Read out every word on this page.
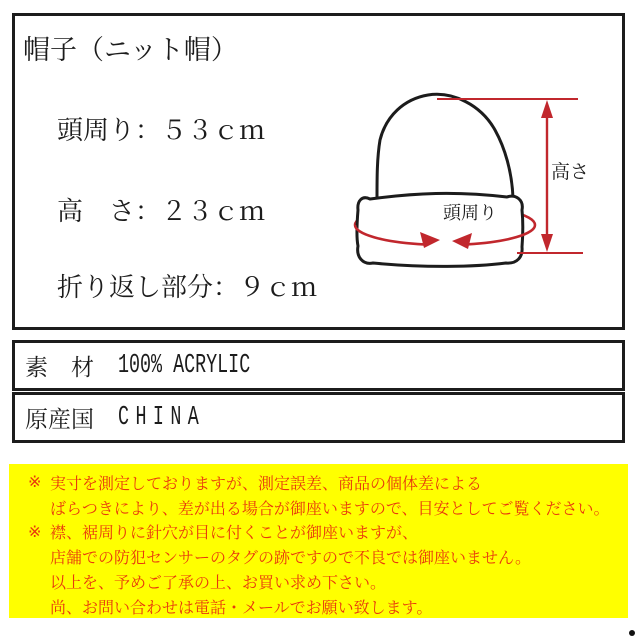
帽子（ニット帽）
頭周り：５３ｃｍ
高　さ：２３ｃｍ
折り返し部分：９ｃｍ
高さ
頭周り
素　材 100% ACRYLIC
原産国 CHINA
※ 実寸を測定しておりますが、測定誤差、商品の個体差による
ばらつきにより、差が出る場合が御座いますので、目安としてご覧ください。
※ 襟、裾周りに針穴が目に付くことが御座いますが、
店舗での防犯センサーのタグの跡ですので不良では御座いません。
以上を、予めご了承の上、お買い求め下さい。
尚、お問い合わせは電話・メールでお願い致します。
